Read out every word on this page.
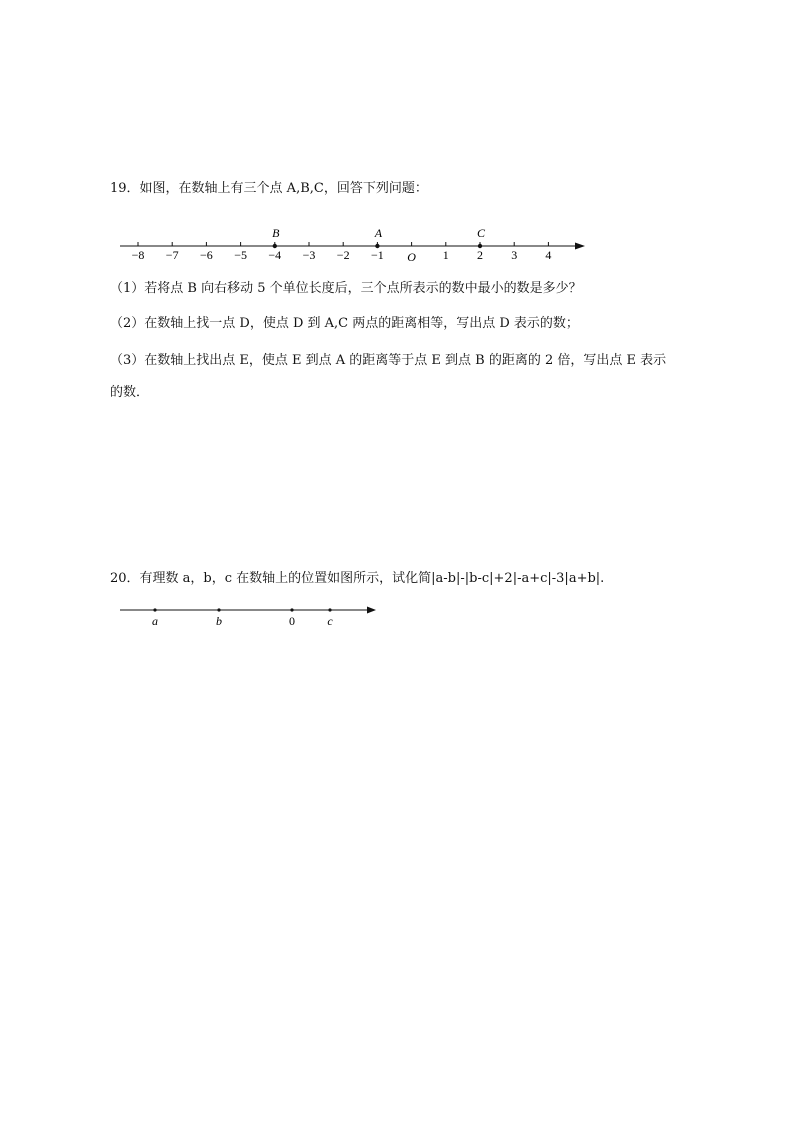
19．如图，在数轴上有三个点 A,B,C，回答下列问题：
−8 −7 −6 −5 −4 −3 −2 −1 O 1 2 3 4
B	A	C
（1）若将点 B 向右移动 5 个单位长度后，三个点所表示的数中最小的数是多少？
（2）在数轴上找一点 D，使点 D 到 A,C 两点的距离相等，写出点 D 表示的数；
（3）在数轴上找出点 E，使点 E 到点 A 的距离等于点 E 到点 B 的距离的 2 倍，写出点 E 表示
的数．
20．有理数 a，b，c 在数轴上的位置如图所示，试化简|a-b|-|b-c|+2|-a+c|-3|a+b|.
a	b	0	c
